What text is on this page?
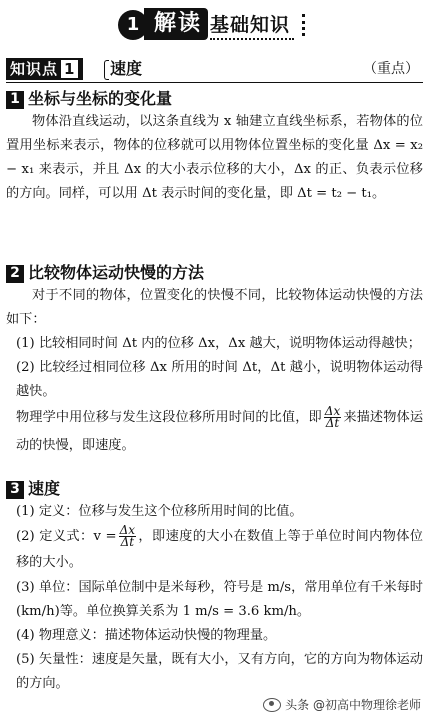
1 解读 基础知识
知识点 1	速度	（重点）
1 坐标与坐标的变化量

物体沿直线运动，以这条直线为 x 轴建立直线坐标系，若物体的位置用坐标来表示，物体的位移就可以用物体位置坐标的变化量 Δx = x₂ − x₁ 来表示，并且 Δx 的大小表示位移的大小，Δx 的正、负表示位移的方向。同样，可以用 Δt 表示时间的变化量，即 Δt = t₂ − t₁。

2 比较物体运动快慢的方法

对于不同的物体，位置变化的快慢不同，比较物体运动快慢的方法如下：

(1) 比较相同时间 Δt 内的位移 Δx，Δx 越大，说明物体运动得越快；

(2) 比较经过相同位移 Δx 所用的时间 Δt，Δt 越小，说明物体运动得越快。

物理学中用位移与发生这段位移所用时间的比值，即 $\frac{\Delta x}{\Delta t}$ 来描述物体运动的快慢，即速度。

3 速度

(1) 定义：位移与发生这个位移所用时间的比值。

(2) 定义式：$v = \frac{\Delta x}{\Delta t}$ ，即速度的大小在数值上等于单位时间内物体位移的大小。

(3) 单位：国际单位制中是米每秒，符号是 m/s，常用单位有千米每时(km/h)等。单位换算关系为 1 m/s = 3.6 km/h。

(4) 物理意义：描述物体运动快慢的物理量。

(5) 矢量性：速度是矢量，既有大小，又有方向，它的方向为物体运动的方向。

头条 @初高中物理徐老师
